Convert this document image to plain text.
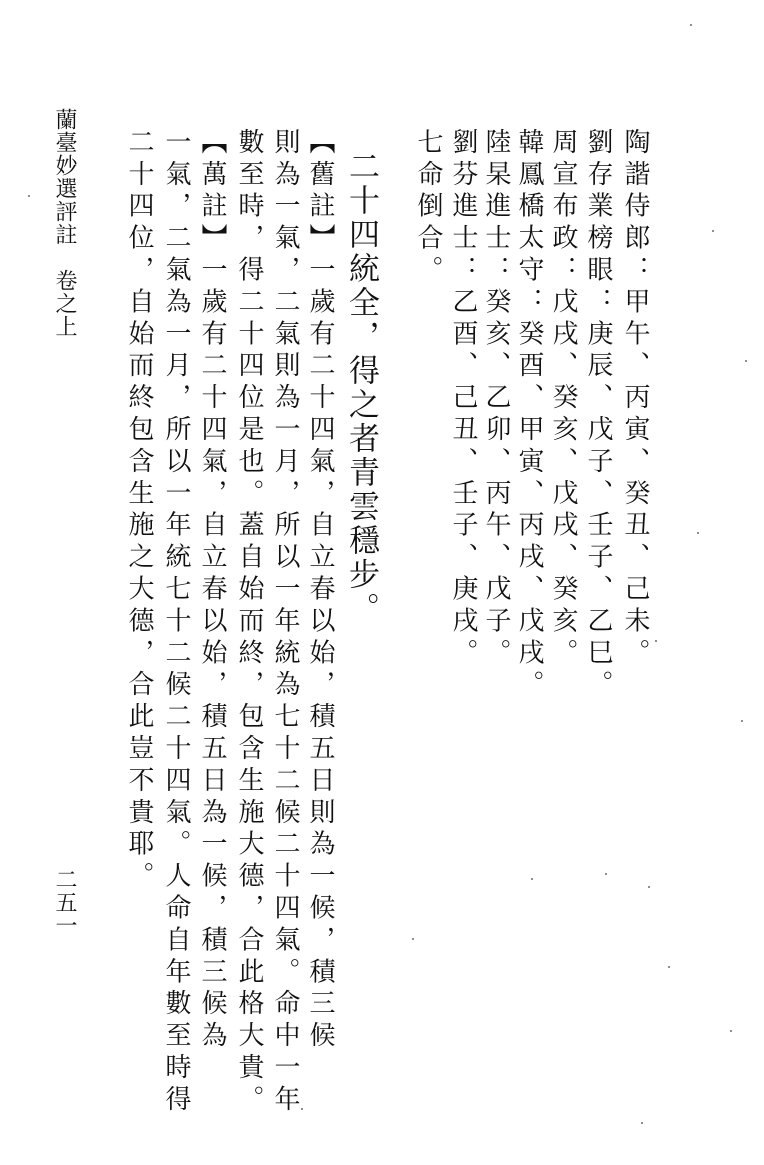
陶諧侍郎：甲午、丙寅、癸丑、己未。
劉存業榜眼：庚辰、戊子、壬子、乙巳。
周宣布政：戊戌、癸亥、戊戌、癸亥。
韓鳳橋太守：癸酉、甲寅、丙戌、戊戌。
陸杲進士：癸亥、乙卯、丙午、戊子。
劉芬進士：乙酉、己丑、壬子、庚戌。
七命倒合。
二十四統全，得之者青雲穩步。
【舊註】一歲有二十四氣，自立春以始，積五日則為一候，積三候
則為一氣，二氣則為一月，所以一年統為七十二候二十四氣。命中一年
數至時，得二十四位是也。蓋自始而終，包含生施大德，合此格大貴。
【萬註】一歲有二十四氣，自立春以始，積五日為一候，積三候為
一氣，二氣為一月，所以一年統七十二候二十四氣。人命自年數至時得
二十四位，自始而終包含生施之大德，合此豈不貴耶。
蘭臺妙選評註　卷之上
二五一
